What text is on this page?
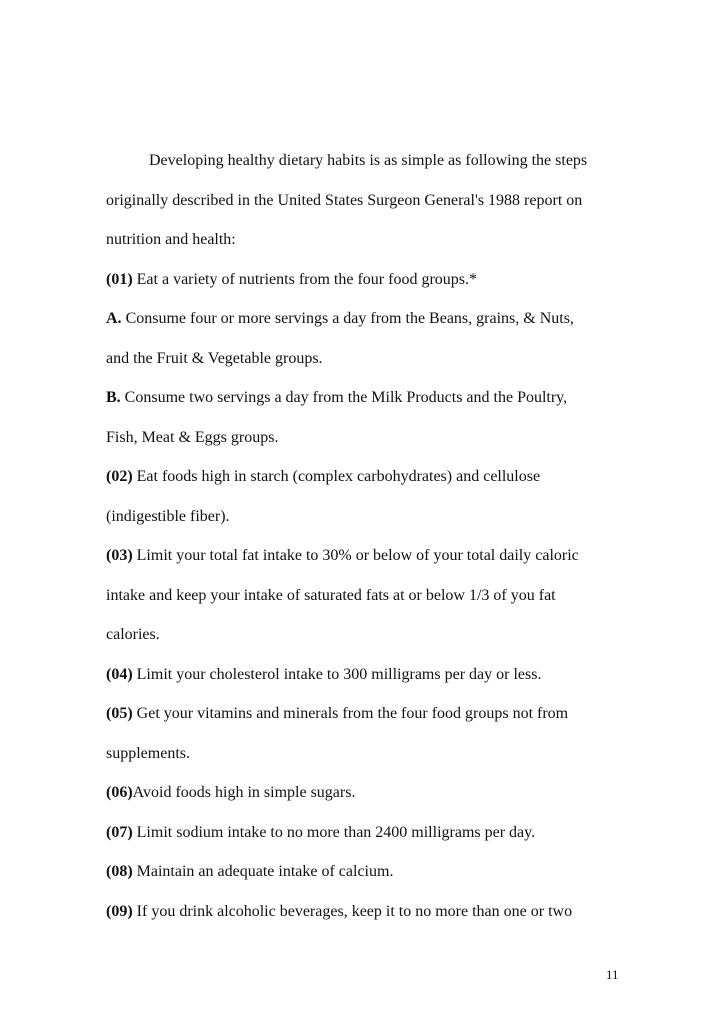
Developing healthy dietary habits is as simple as following the steps
originally described in the United States Surgeon General's 1988 report on
nutrition and health:
(01) Eat a variety of nutrients from the four food groups.*
A. Consume four or more servings a day from the Beans, grains, & Nuts,
and the Fruit & Vegetable groups.
B. Consume two servings a day from the Milk Products and the Poultry,
Fish, Meat & Eggs groups.
(02) Eat foods high in starch (complex carbohydrates) and cellulose
(indigestible fiber).
(03) Limit your total fat intake to 30% or below of your total daily caloric
intake and keep your intake of saturated fats at or below 1/3 of you fat
calories.
(04) Limit your cholesterol intake to 300 milligrams per day or less.
(05) Get your vitamins and minerals from the four food groups not from
supplements.
(06)Avoid foods high in simple sugars.
(07) Limit sodium intake to no more than 2400 milligrams per day.
(08) Maintain an adequate intake of calcium.
(09) If you drink alcoholic beverages, keep it to no more than one or two
11
